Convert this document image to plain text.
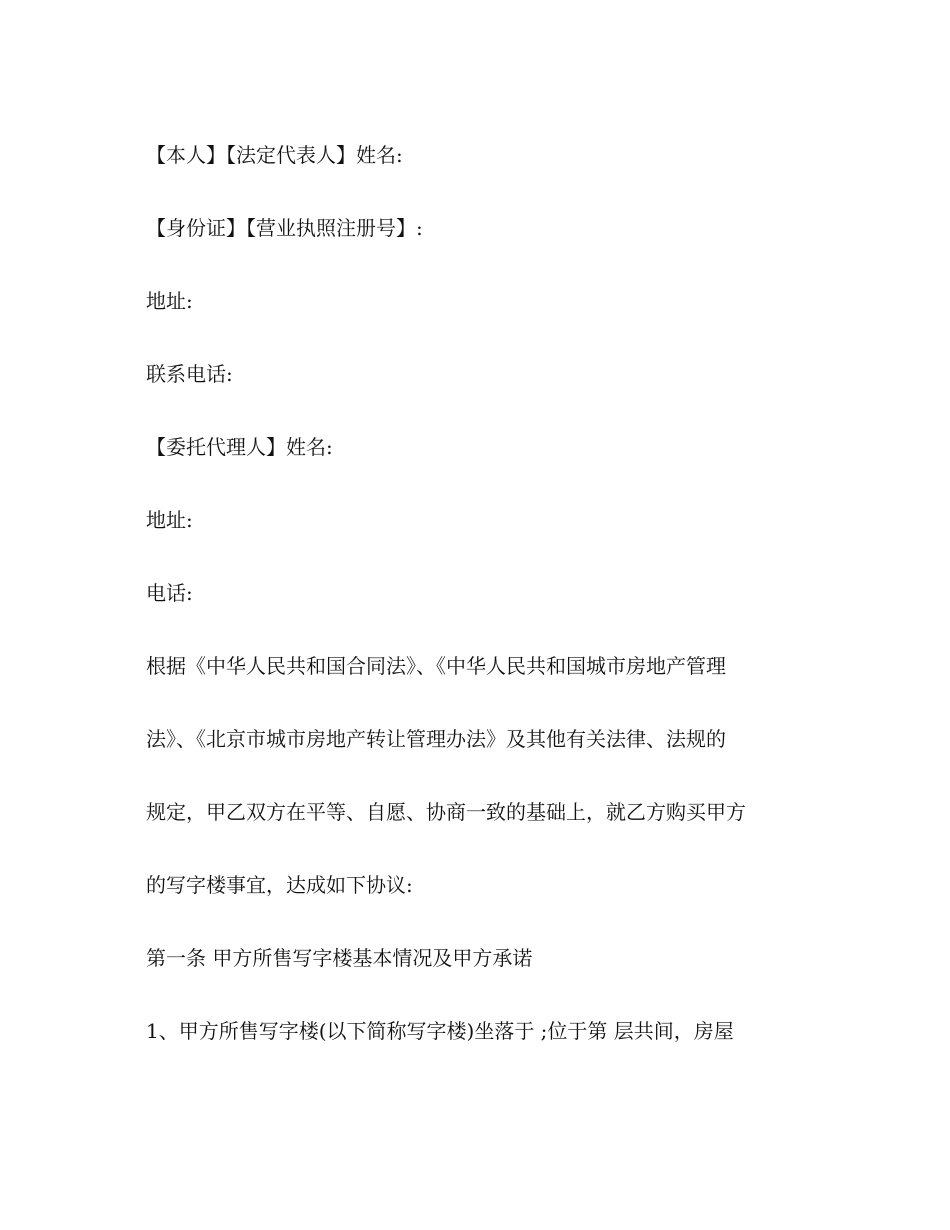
【本人】【法定代表人】姓名:
【身份证】【营业执照注册号】:
地址:
联系电话:
【委托代理人】姓名:
地址:
电话:
根据《中华人民共和国合同法》、《中华人民共和国城市房地产管理
法》、《北京市城市房地产转让管理办法》及其他有关法律、法规的
规定，甲乙双方在平等、自愿、协商一致的基础上，就乙方购买甲方
的写字楼事宜，达成如下协议:
第一条 甲方所售写字楼基本情况及甲方承诺
1、甲方所售写字楼(以下简称写字楼)坐落于 ;位于第 层共间，房屋
